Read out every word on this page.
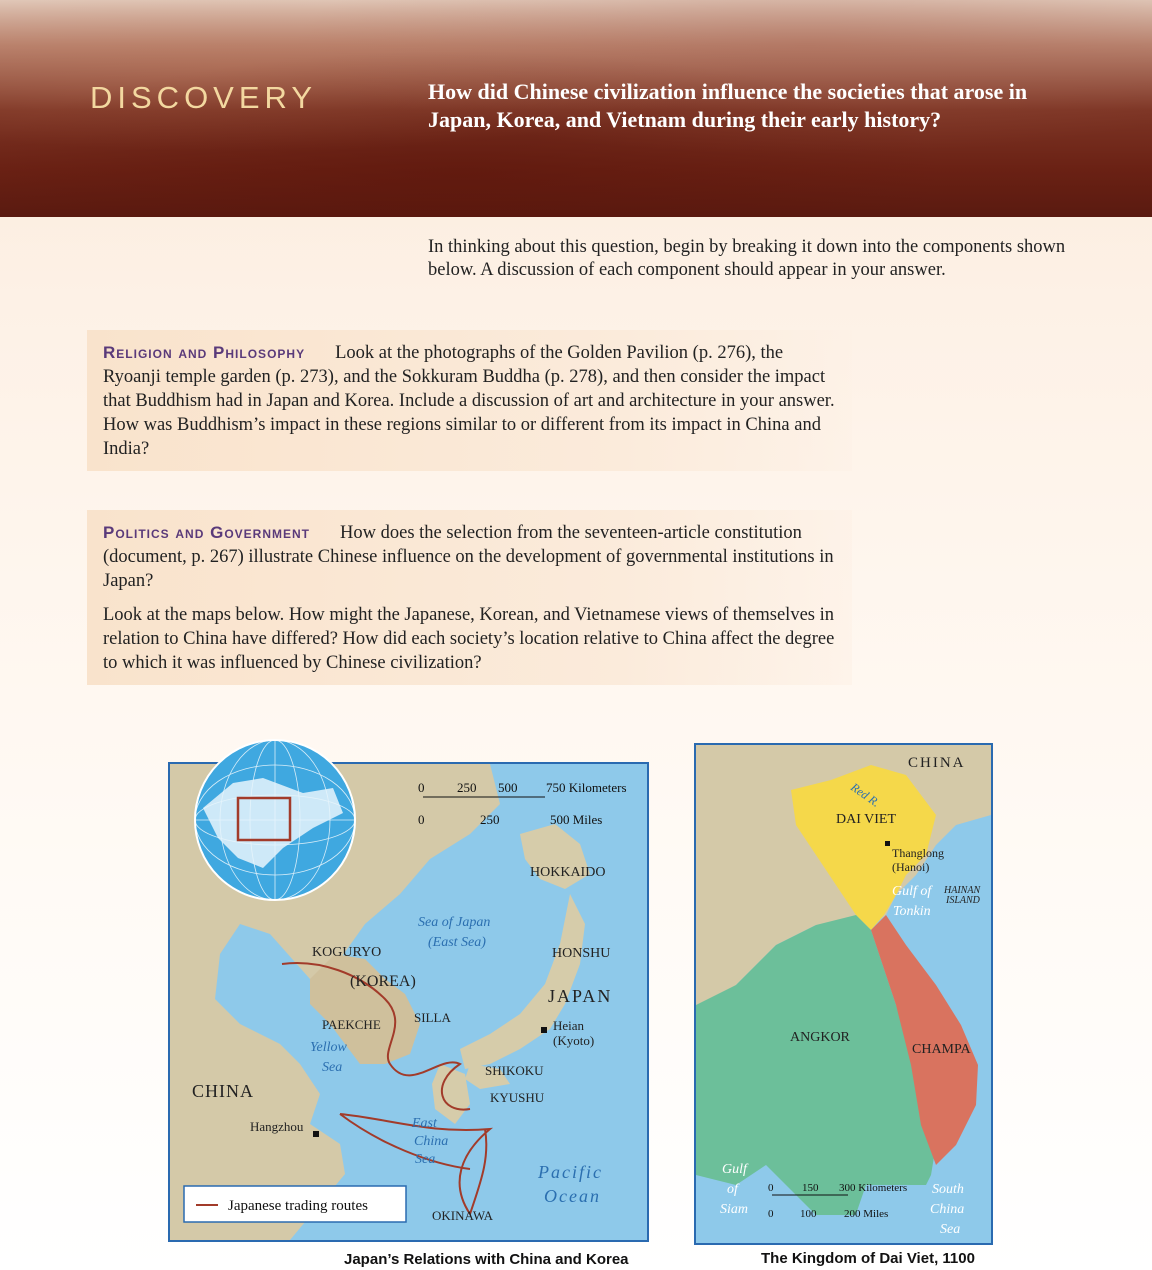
DISCOVERY	How did Chinese civilization influence the societies that arose in Japan, Korea, and Vietnam during their early history?
In thinking about this question, begin by breaking it down into the components shown below. A discussion of each component should appear in your answer.

Religion and Philosophy Look at the photographs of the Golden Pavilion (p. 276), the Ryoanji temple garden (p. 273), and the Sokkuram Buddha (p. 278), and then consider the impact that Buddhism had in Japan and Korea. Include a discussion of art and architecture in your answer. How was Buddhism’s impact in these regions similar to or different from its impact in China and India?

Politics and Government How does the selection from the seventeen-article constitution (document, p. 267) illustrate Chinese influence on the development of governmental institutions in Japan?

Look at the maps below. How might the Japanese, Korean, and Vietnamese views of themselves in relation to China have differed? How did each society’s location relative to China affect the degree to which it was influenced by Chinese civilization?

0	250 500 750 Kilometers
0	250	500 Miles
HOKKAIDO
Sea of Japan
(East Sea)
HONSHU
JAPAN
Heian
(Kyoto)
KOGURYO
(KOREA)
SILLA
PAEKCHE
Yellow
Sea	SHIKOKU
KYUSHU
CHINA
Hangzhou	East
China
Sea
Pacific
Ocean
OKINAWA
Japanese trading routes
Japan’s Relations with China and Korea
CHINA
Red R.
DAI VIET
Thanglong
(Hanoi)
Gulf of
Tonkin
HAINAN
ISLAND
ANGKOR
CHAMPA
Gulf
of
Siam
South
China
Sea
0	150 300 Kilometers
0 100	200 Miles
The Kingdom of Dai Viet, 1100
